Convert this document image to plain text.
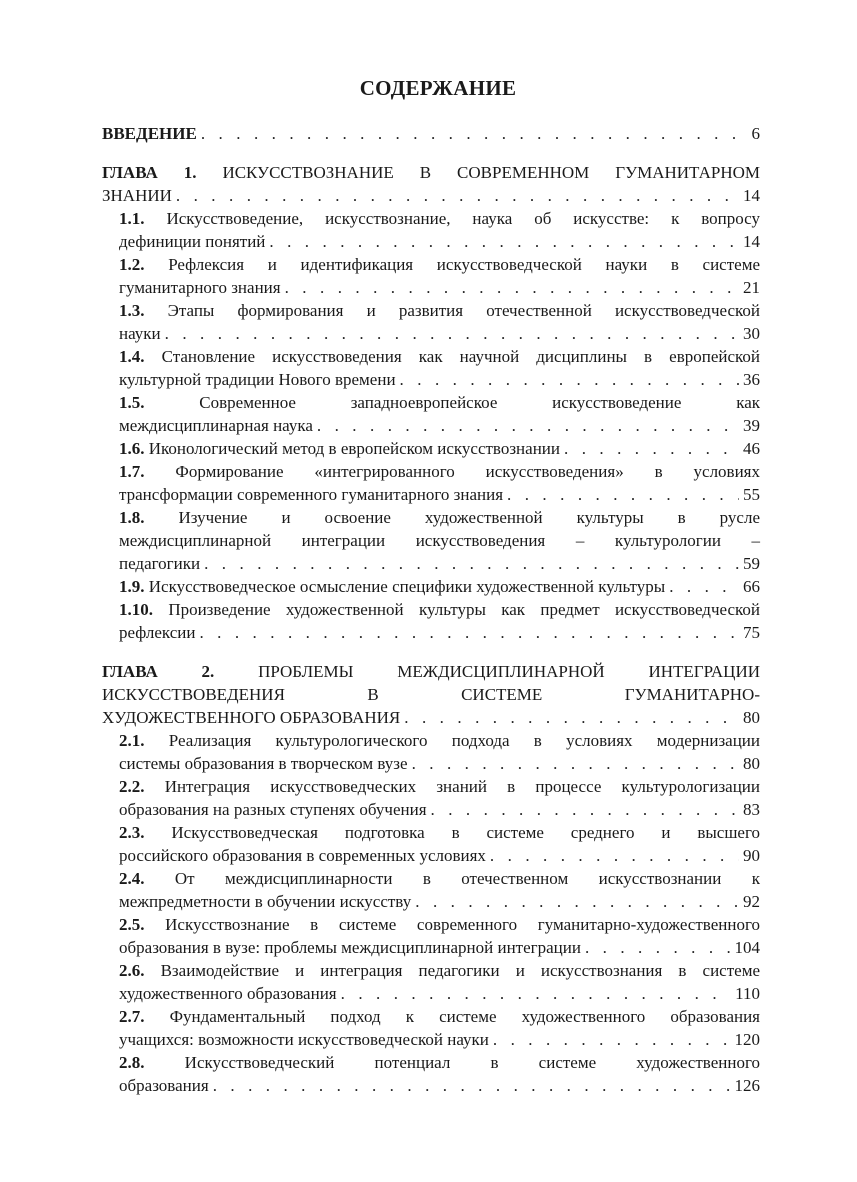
СОДЕРЖАНИЕ
ВВЕДЕНИЕ . . .	6
ГЛАВА 1. ИСКУССТВОЗНАНИЕ В СОВРЕМЕННОМ ГУМАНИТАРНОМ
ЗНАНИИ . . .	14
1.1. Искусствоведение, искусствознание, наука об искусстве: к вопросу
дефиниции понятий . . .	14
1.2. Рефлексия и идентификация искусствоведческой науки в системе
гуманитарного знания . . .	21
1.3. Этапы формирования и развития отечественной искусствоведческой
науки . . .	30
1.4. Становление искусствоведения как научной дисциплины в европейской
культурной традиции Нового времени . . .	36
1.5.	Современное западноевропейское искусствоведение как
междисциплинарная наука . . .	39
1.6. Иконологический метод в европейском искусствознании . . .	46
1.7. Формирование «интегрированного искусствоведения» в условиях
трансформации современного гуманитарного знания . . .	55
1.8. Изучение и освоение художественной культуры в русле
междисциплинарной интеграции искусствоведения – культурологии –
педагогики . . .	59
1.9. Искусствоведческое осмысление специфики художественной культуры . . .	66
1.10. Произведение художественной культуры как предмет искусствоведческой
рефлексии . . .	75
ГЛАВА 2.	ПРОБЛЕМЫ МЕЖДИСЦИПЛИНАРНОЙ ИНТЕГРАЦИИ
ИСКУССТВОВЕДЕНИЯ В СИСТЕМЕ ГУМАНИТАРНО-
ХУДОЖЕСТВЕННОГО ОБРАЗОВАНИЯ . . .	80
2.1. Реализация культурологического подхода в условиях модернизации
системы образования в творческом вузе . . .	80
2.2. Интеграция искусствоведческих знаний в процессе культурологизации
образования на разных ступенях обучения . . .	83
2.3. Искусствоведческая подготовка в системе среднего и высшего
российского образования в современных условиях . . .	90
2.4. От междисциплинарности в отечественном искусствознании к
межпредметности в обучении искусству . . .	92
2.5. Искусствознание в системе современного гуманитарно-художественного
образования в вузе: проблемы междисциплинарной интеграции . . .	104
2.6. Взаимодействие и интеграция педагогики и искусствознания в системе
художественного образования . . .	110
2.7. Фундаментальный подход к системе художественного образования
учащихся: возможности искусствоведческой науки . . .	120
2.8. Искусствоведческий потенциал в системе художественного
образования . . .	126
